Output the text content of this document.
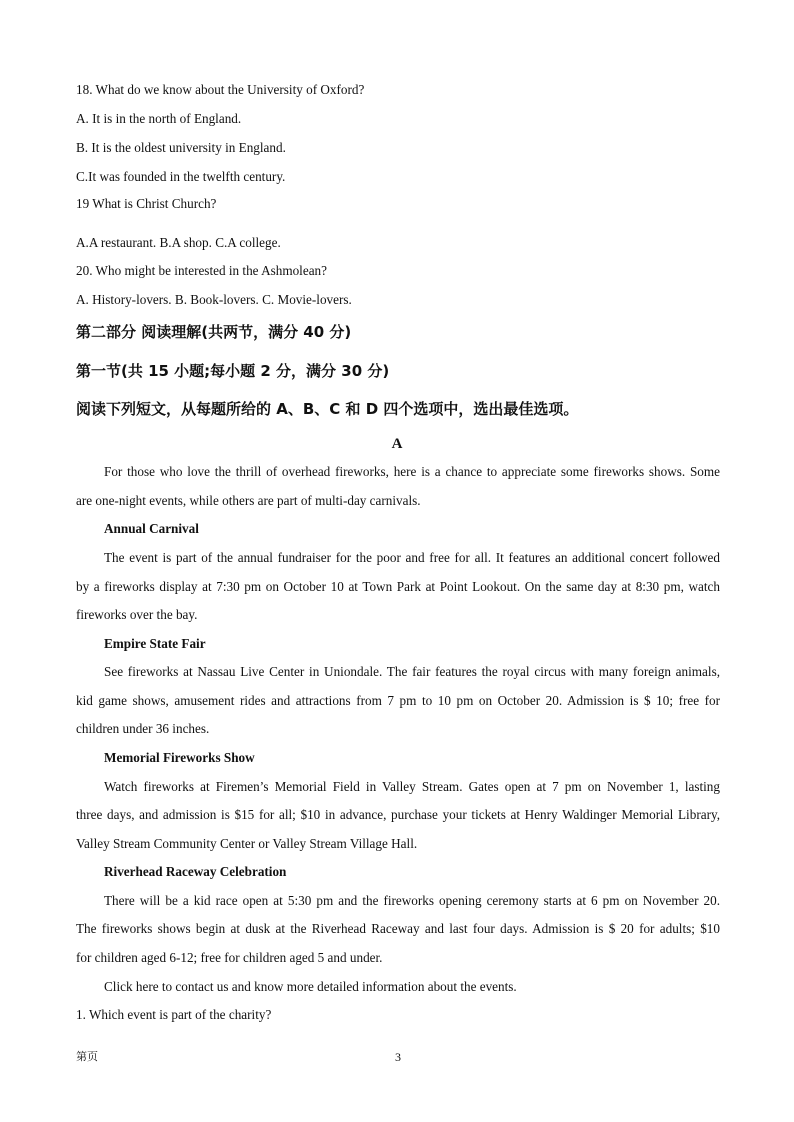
18. What do we know about the University of Oxford?
A. It is in the north of England.
B. It is the oldest university in England.
C.It was founded in the twelfth century.
19 What is Christ Church?
A.A restaurant. B.A shop. C.A college.
20. Who might be interested in the Ashmolean?
A. History-lovers. B. Book-lovers. C. Movie-lovers.
第二部分 阅读理解(共两节，满分 40 分)
第一节(共 15 小题;每小题 2 分，满分 30 分)
阅读下列短文，从每题所给的 A、B、C 和 D 四个选项中，选出最佳选项。
A
For those who love the thrill of overhead fireworks, here is a chance to appreciate some fireworks shows. Some
are one-night events, while others are part of multi-day carnivals.
Annual Carnival
The event is part of the annual fundraiser for the poor and free for all. It features an additional concert followed
by a fireworks display at 7:30 pm on October 10 at Town Park at Point Lookout. On the same day at 8:30 pm, watch
fireworks over the bay.
Empire State Fair
See fireworks at Nassau Live Center in Uniondale. The fair features the royal circus with many foreign animals,
kid game shows, amusement rides and attractions from 7 pm to 10 pm on October 20. Admission is $ 10; free for
children under 36 inches.
Memorial Fireworks Show
Watch fireworks at Firemen’s Memorial Field in Valley Stream. Gates open at 7 pm on November 1, lasting
three days, and admission is $15 for all; $10 in advance, purchase your tickets at Henry Waldinger Memorial Library,
Valley Stream Community Center or Valley Stream Village Hall.
Riverhead Raceway Celebration
There will be a kid race open at 5:30 pm and the fireworks opening ceremony starts at 6 pm on November 20.
The fireworks shows begin at dusk at the Riverhead Raceway and last four days. Admission is $ 20 for adults; $10
for children aged 6-12; free for children aged 5 and under.
Click here to contact us and know more detailed information about the events.
1. Which event is part of the charity?
第页	3
